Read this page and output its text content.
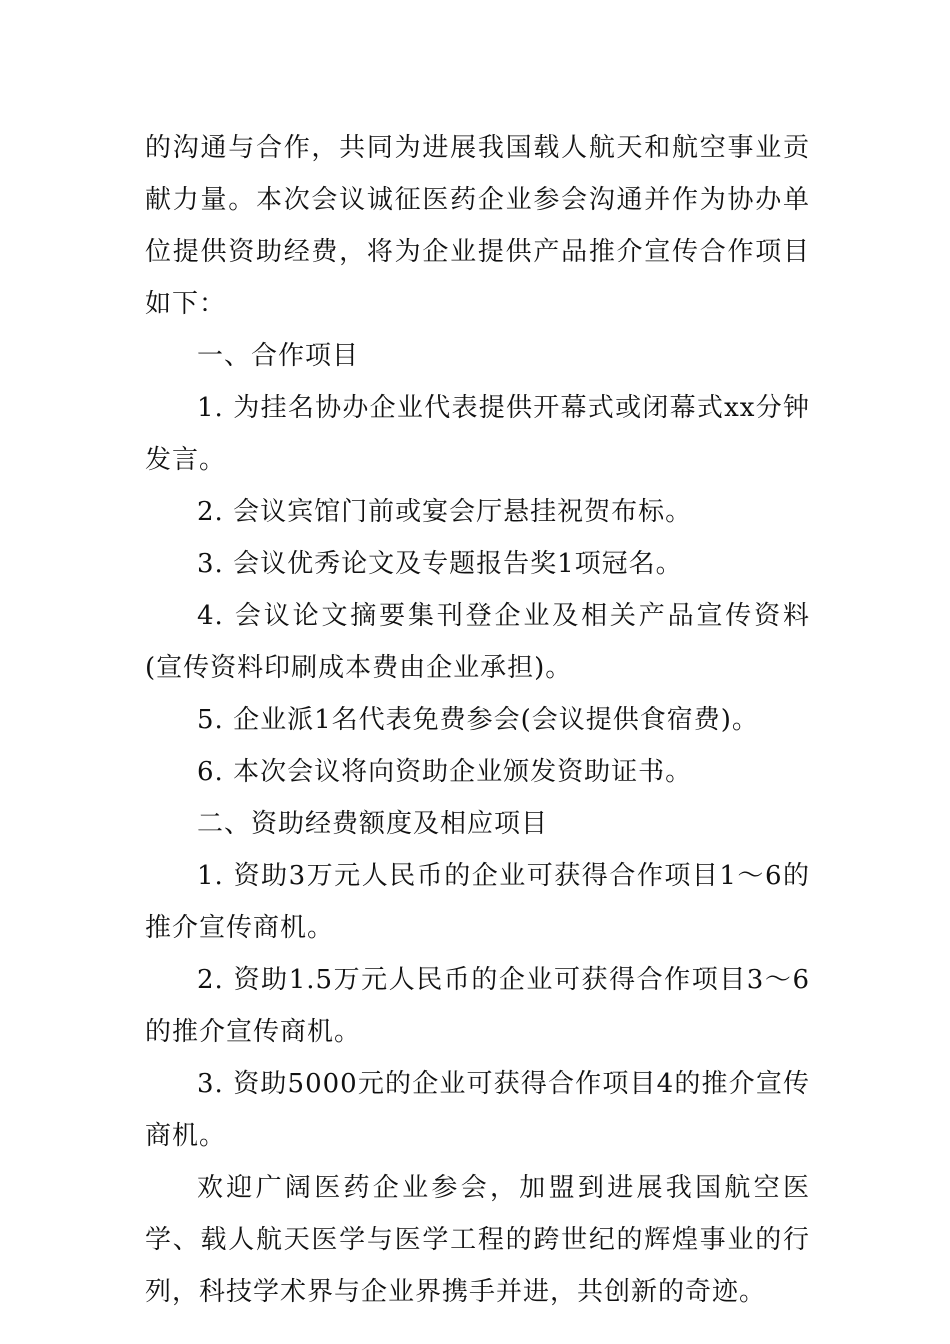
的沟通与合作，共同为进展我国载人航天和航空事业贡献力量。本次会议诚征医药企业参会沟通并作为协办单位提供资助经费，将为企业提供产品推介宣传合作项目如下：

一、合作项目

1. 为挂名协办企业代表提供开幕式或闭幕式xx分钟发言。

2. 会议宾馆门前或宴会厅悬挂祝贺布标。

3. 会议优秀论文及专题报告奖1项冠名。

4. 会议论文摘要集刊登企业及相关产品宣传资料(宣传资料印刷成本费由企业承担)。

5. 企业派1名代表免费参会(会议提供食宿费)。

6. 本次会议将向资助企业颁发资助证书。

二、资助经费额度及相应项目

1. 资助3万元人民币的企业可获得合作项目1～6的推介宣传商机。

2. 资助1.5万元人民币的企业可获得合作项目3～6的推介宣传商机。

3. 资助5000元的企业可获得合作项目4的推介宣传商机。

欢迎广阔医药企业参会，加盟到进展我国航空医学、载人航天医学与医学工程的跨世纪的辉煌事业的行列，科技学术界与企业界携手并进，共创新的奇迹。
